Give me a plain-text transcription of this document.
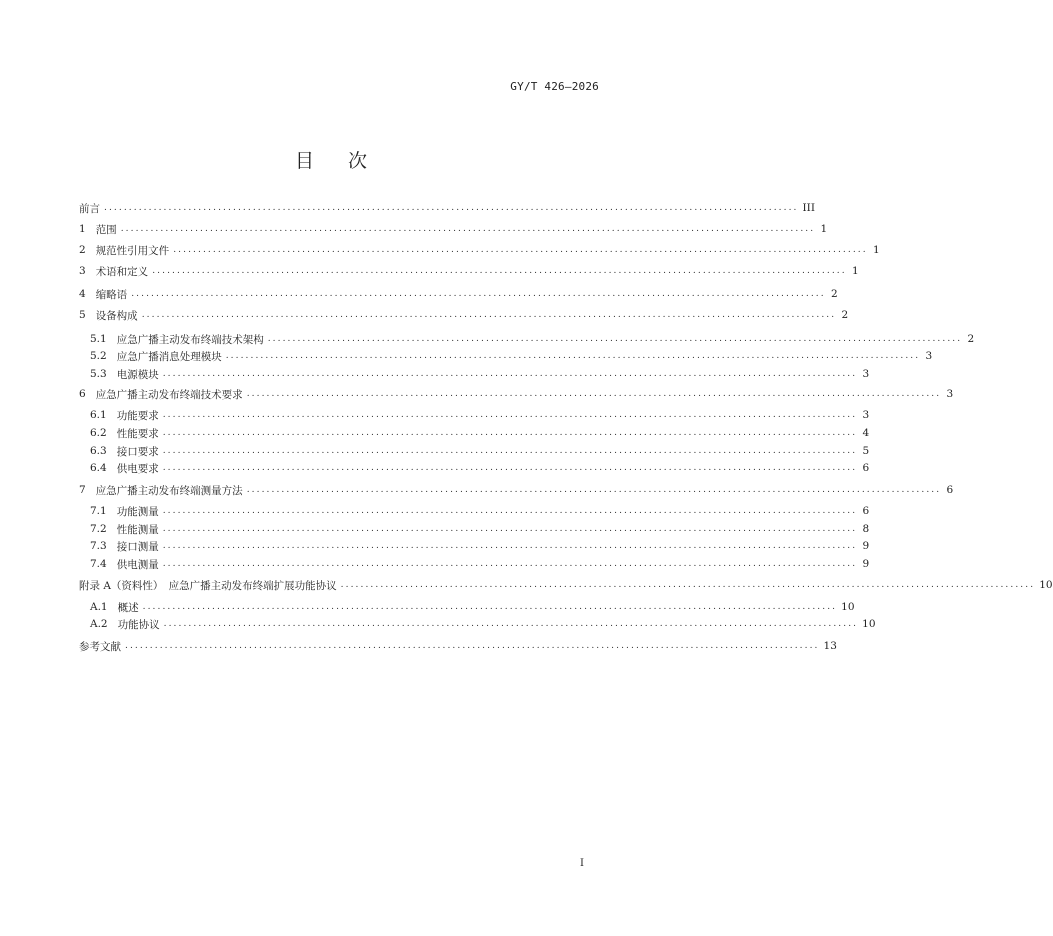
GY/T 426—2026
目 次
前言 ............................................................................................................................................ III
1 范围 ............................................................................................................................................ 1
2 规范性引用文件 ............................................................................................................................................ 1
3 术语和定义 ............................................................................................................................................ 1
4 缩略语 ............................................................................................................................................ 2
5 设备构成 ............................................................................................................................................ 2
5.1 应急广播主动发布终端技术架构 ............................................................................................................................................ 2
5.2 应急广播消息处理模块 ............................................................................................................................................ 3
5.3 电源模块 ............................................................................................................................................ 3
6 应急广播主动发布终端技术要求 ............................................................................................................................................ 3
6.1 功能要求 ............................................................................................................................................ 3
6.2 性能要求 ............................................................................................................................................ 4
6.3 接口要求 ............................................................................................................................................ 5
6.4 供电要求 ............................................................................................................................................ 6
7 应急广播主动发布终端测量方法 ............................................................................................................................................ 6
7.1 功能测量 ............................................................................................................................................ 6
7.2 性能测量 ............................................................................................................................................ 8
7.3 接口测量 ............................................................................................................................................ 9
7.4 供电测量 ............................................................................................................................................ 9
附录 A（资料性）　应急广播主动发布终端扩展功能协议 ............................................................................................................................................ 10
A.1 概述 ............................................................................................................................................ 10
A.2 功能协议 ............................................................................................................................................ 10
参考文献 ............................................................................................................................................ 13
I
